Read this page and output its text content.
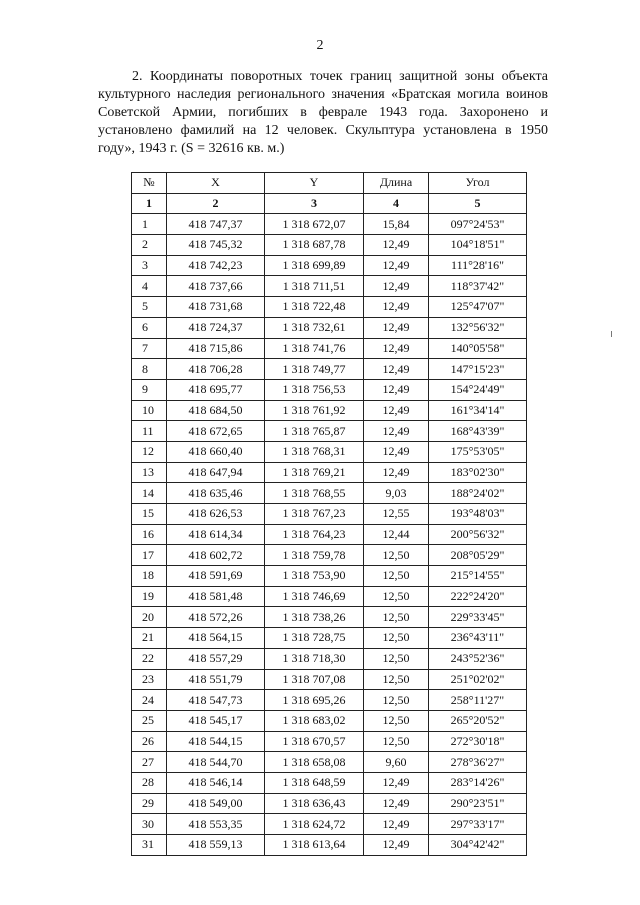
2

2. Координаты поворотных точек границ защитной зоны объекта культурного наследия регионального значения «Братская могила воинов Советской Армии, погибших в феврале 1943 года. Захоронено и установлено фамилий на 12 человек. Скульптура установлена в 1950 году», 1943 г. (S = 32616 кв. м.)

№	X	Y	Длина	Угол
1	2	3	4	5
1	418 747,37	1 318 672,07	15,84	097°24'53"
2	418 745,32	1 318 687,78	12,49	104°18'51"
3	418 742,23	1 318 699,89	12,49	111°28'16"
4	418 737,66	1 318 711,51	12,49	118°37'42"
5	418 731,68	1 318 722,48	12,49	125°47'07"
6	418 724,37	1 318 732,61	12,49	132°56'32"
7	418 715,86	1 318 741,76	12,49	140°05'58"
8	418 706,28	1 318 749,77	12,49	147°15'23"
9	418 695,77	1 318 756,53	12,49	154°24'49"
10	418 684,50	1 318 761,92	12,49	161°34'14"
11	418 672,65	1 318 765,87	12,49	168°43'39"
12	418 660,40	1 318 768,31	12,49	175°53'05"
13	418 647,94	1 318 769,21	12,49	183°02'30"
14	418 635,46	1 318 768,55	9,03	188°24'02"
15	418 626,53	1 318 767,23	12,55	193°48'03"
16	418 614,34	1 318 764,23	12,44	200°56'32"
17	418 602,72	1 318 759,78	12,50	208°05'29"
18	418 591,69	1 318 753,90	12,50	215°14'55"
19	418 581,48	1 318 746,69	12,50	222°24'20"
20	418 572,26	1 318 738,26	12,50	229°33'45"
21	418 564,15	1 318 728,75	12,50	236°43'11"
22	418 557,29	1 318 718,30	12,50	243°52'36"
23	418 551,79	1 318 707,08	12,50	251°02'02"
24	418 547,73	1 318 695,26	12,50	258°11'27"
25	418 545,17	1 318 683,02	12,50	265°20'52"
26	418 544,15	1 318 670,57	12,50	272°30'18"
27	418 544,70	1 318 658,08	9,60	278°36'27"
28	418 546,14	1 318 648,59	12,49	283°14'26"
29	418 549,00	1 318 636,43	12,49	290°23'51"
30	418 553,35	1 318 624,72	12,49	297°33'17"
31	418 559,13	1 318 613,64	12,49	304°42'42"
